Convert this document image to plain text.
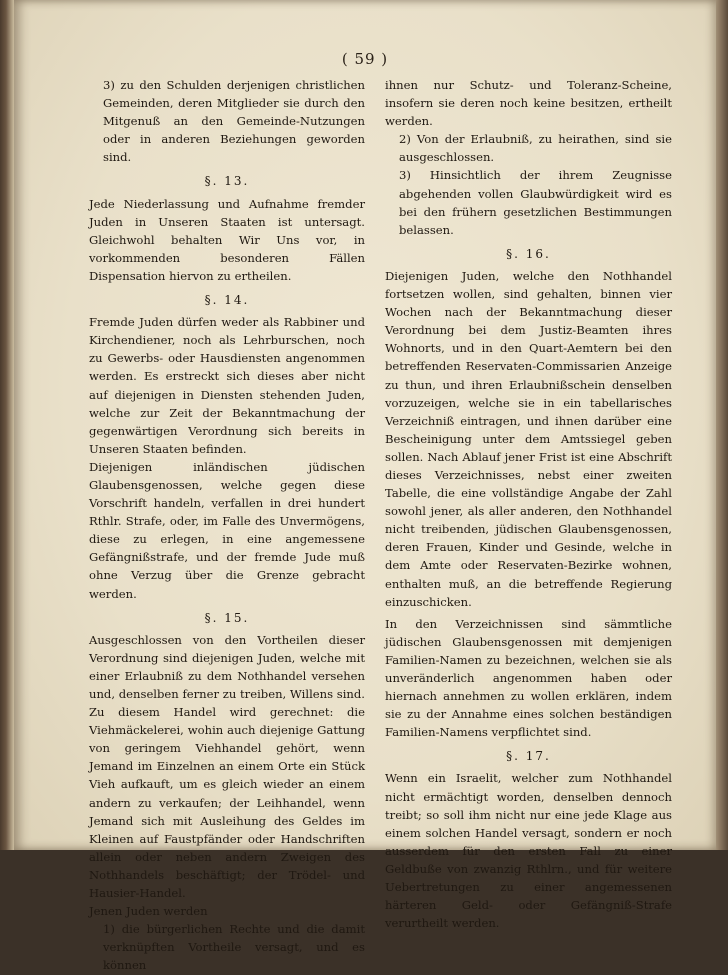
( 59 )

3) zu den Schulden derjenigen christlichen Gemeinden, deren Mitglieder sie durch den Mitgenuß an den Gemeinde-Nutzungen oder in anderen Beziehungen geworden sind.

§. 13.

Jede Niederlassung und Aufnahme fremder Juden in Unseren Staaten ist untersagt. Gleichwohl behalten Wir Uns vor, in vorkommenden besonderen Fällen Dispensation hiervon zu ertheilen.

§. 14.

Fremde Juden dürfen weder als Rabbiner und Kirchendiener, noch als Lehrburschen, noch zu Gewerbs- oder Hausdiensten angenommen werden. Es erstreckt sich dieses aber nicht auf diejenigen in Diensten stehenden Juden, welche zur Zeit der Bekanntmachung der gegenwärtigen Verordnung sich bereits in Unseren Staaten befinden.

Diejenigen inländischen jüdischen Glaubensgenossen, welche gegen diese Vorschrift handeln, verfallen in drei hundert Rthlr. Strafe, oder, im Falle des Unvermögens, diese zu erlegen, in eine angemessene Gefängnißstrafe, und der fremde Jude muß ohne Verzug über die Grenze gebracht werden.

§. 15.

Ausgeschlossen von den Vortheilen dieser Verordnung sind diejenigen Juden, welche mit einer Erlaubniß zu dem Nothhandel versehen und, denselben ferner zu treiben, Willens sind. Zu diesem Handel wird gerechnet: die Viehmäckelerei, wohin auch diejenige Gattung von geringem Viehhandel gehört, wenn Jemand im Einzelnen an einem Orte ein Stück Vieh aufkauft, um es gleich wieder an einem andern zu verkaufen; der Leihhandel, wenn Jemand sich mit Ausleihung des Geldes im Kleinen auf Faustpfänder oder Handschriften allein oder neben andern Zweigen des Nothhandels beschäftigt; der Trödel- und Hausier-Handel.

Jenen Juden werden

1) die bürgerlichen Rechte und die damit verknüpften Vortheile versagt, und es können

ihnen nur Schutz- und Toleranz-Scheine, insofern sie deren noch keine besitzen, ertheilt werden.

2) Von der Erlaubniß, zu heirathen, sind sie ausgeschlossen.

3) Hinsichtlich der ihrem Zeugnisse abgehenden vollen Glaubwürdigkeit wird es bei den frühern gesetzlichen Bestimmungen belassen.

§. 16.

Diejenigen Juden, welche den Nothhandel fortsetzen wollen, sind gehalten, binnen vier Wochen nach der Bekanntmachung dieser Verordnung bei dem Justiz-Beamten ihres Wohnorts, und in den Quart-Aemtern bei den betreffenden Reservaten-Commissarien Anzeige zu thun, und ihren Erlaubnißschein denselben vorzuzeigen, welche sie in ein tabellarisches Verzeichniß eintragen, und ihnen darüber eine Bescheinigung unter dem Amtssiegel geben sollen. Nach Ablauf jener Frist ist eine Abschrift dieses Verzeichnisses, nebst einer zweiten Tabelle, die eine vollständige Angabe der Zahl sowohl jener, als aller anderen, den Nothhandel nicht treibenden, jüdischen Glaubensgenossen, deren Frauen, Kinder und Gesinde, welche in dem Amte oder Reservaten-Bezirke wohnen, enthalten muß, an die betreffende Regierung einzuschicken.

In den Verzeichnissen sind sämmtliche jüdischen Glaubensgenossen mit demjenigen Familien-Namen zu bezeichnen, welchen sie als unveränderlich angenommen haben oder hiernach annehmen zu wollen erklären, indem sie zu der Annahme eines solchen beständigen Familien-Namens verpflichtet sind.

§. 17.

Wenn ein Israelit, welcher zum Nothhandel nicht ermächtigt worden, denselben dennoch treibt; so soll ihm nicht nur eine jede Klage aus einem solchen Handel versagt, sondern er noch ausserdem für den ersten Fall zu einer Geldbuße von zwanzig Rthlrn., und für weitere Uebertretungen zu einer angemessenen härteren Geld- oder Gefängniß-Strafe verurtheilt werden.
